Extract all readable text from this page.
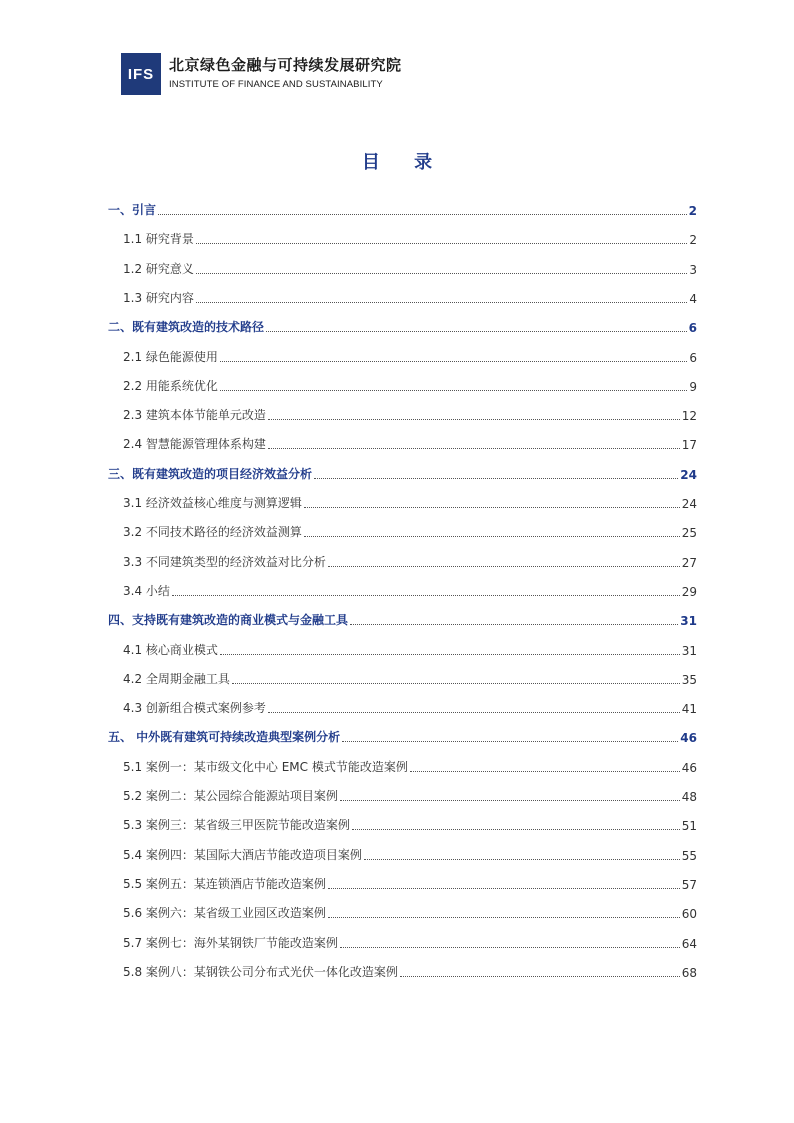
IFS 北京绿色金融与可持续发展研究院
INSTITUTE OF FINANCE AND SUSTAINABILITY
目 录
一、引言	2
1.1 研究背景	2
1.2 研究意义	3
1.3 研究内容	4
二、既有建筑改造的技术路径	6
2.1 绿色能源使用	6
2.2 用能系统优化	9
2.3 建筑本体节能单元改造	12
2.4 智慧能源管理体系构建	17
三、既有建筑改造的项目经济效益分析	24
3.1 经济效益核心维度与测算逻辑	24
3.2 不同技术路径的经济效益测算	25
3.3 不同建筑类型的经济效益对比分析	27
3.4 小结	29
四、支持既有建筑改造的商业模式与金融工具	31
4.1 核心商业模式	31
4.2 全周期金融工具	35
4.3 创新组合模式案例参考	41
五、 中外既有建筑可持续改造典型案例分析	46
5.1 案例一：某市级文化中心 EMC 模式节能改造案例	46
5.2 案例二：某公园综合能源站项目案例	48
5.3 案例三：某省级三甲医院节能改造案例	51
5.4 案例四：某国际大酒店节能改造项目案例	55
5.5 案例五：某连锁酒店节能改造案例	57
5.6 案例六：某省级工业园区改造案例	60
5.7 案例七：海外某钢铁厂节能改造案例	64
5.8 案例八：某钢铁公司分布式光伏一体化改造案例	68
